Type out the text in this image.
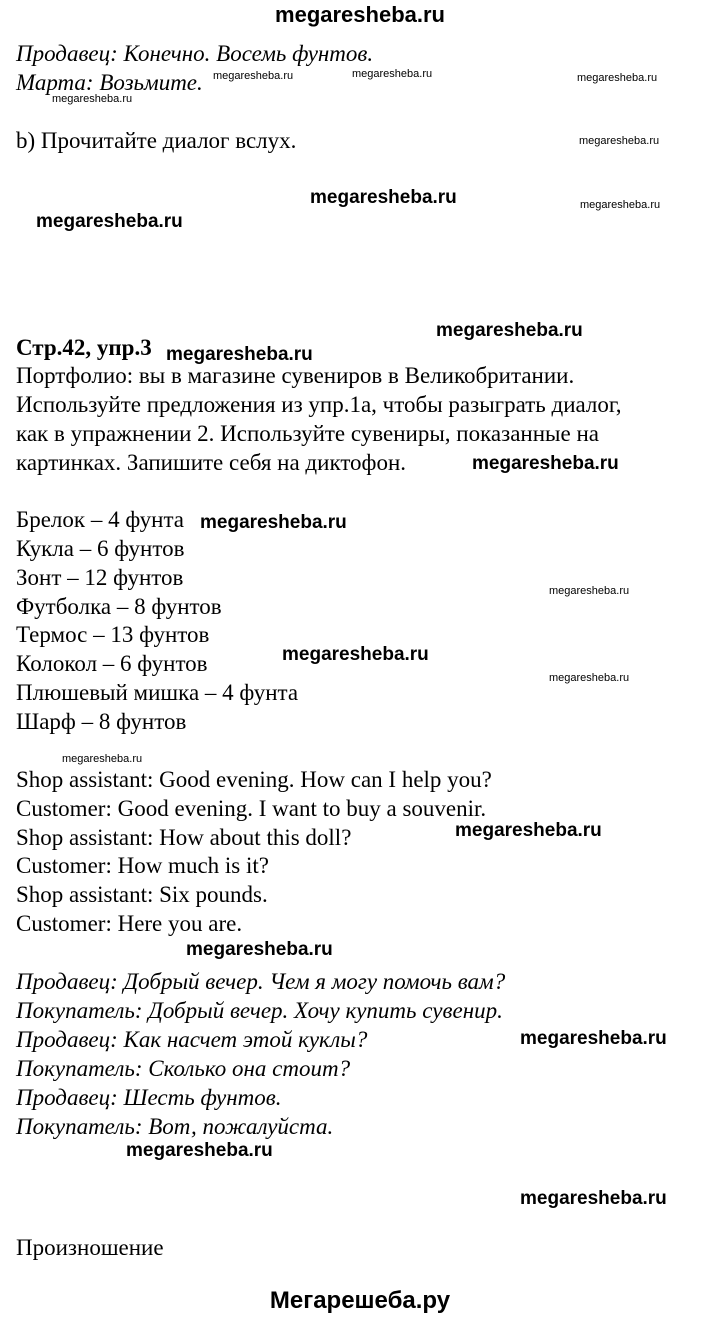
megaresheba.ru
Продавец: Конечно. Восемь фунтов.
Марта: Возьмите.
b) Прочитайте диалог вслух.
Стр.42, упр.3
Портфолио: вы в магазине сувениров в Великобритании.
Используйте предложения из упр.1a, чтобы разыграть диалог,
как в упражнении 2. Используйте сувениры, показанные на
картинках. Запишите себя на диктофон.
Брелок – 4 фунта
Кукла – 6 фунтов
Зонт – 12 фунтов
Футболка – 8 фунтов
Термос – 13 фунтов
Колокол – 6 фунтов
Плюшевый мишка – 4 фунта
Шарф – 8 фунтов
Shop assistant: Good evening. How can I help you?
Customer: Good evening. I want to buy a souvenir.
Shop assistant: How about this doll?
Customer: How much is it?
Shop assistant: Six pounds.
Customer: Here you are.
Продавец: Добрый вечер. Чем я могу помочь вам?
Покупатель: Добрый вечер. Хочу купить сувенир.
Продавец: Как насчет этой куклы?
Покупатель: Сколько она стоит?
Продавец: Шесть фунтов.
Покупатель: Вот, пожалуйста.
Произношение
Мегарешеба.ру
megaresheba.ru	megaresheba.ru	megaresheba.ru
megaresheba.ru
megaresheba.ru
megaresheba.ru
megaresheba.ru
megaresheba.ru
megaresheba.ru
megaresheba.ru
megaresheba.ru
megaresheba.ru
megaresheba.ru
megaresheba.ru
megaresheba.ru
megaresheba.ru
megaresheba.ru
megaresheba.ru
megaresheba.ru
megaresheba.ru
megaresheba.ru
